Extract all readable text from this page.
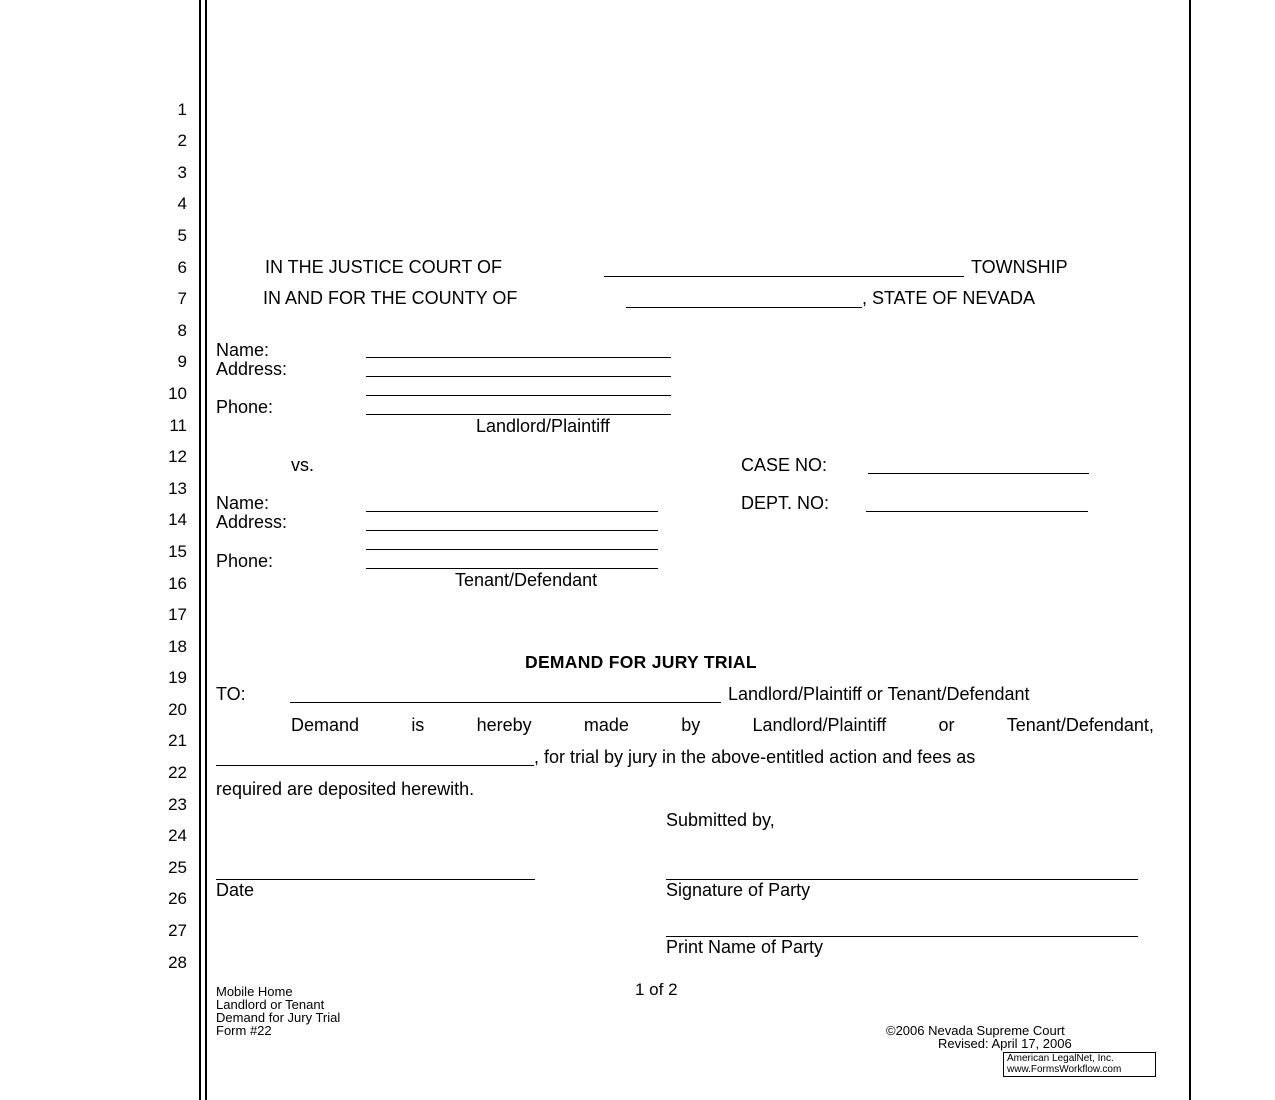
1
2
3
4
5
6
7
8
9
10
11
12
13
14
15
16
17
18
19
20
21
22
23
24
25
26
27
28
IN THE JUSTICE COURT OF	TOWNSHIP
IN AND FOR THE COUNTY OF	, STATE OF NEVADA
Name:
Address:
Phone:
Landlord/Plaintiff
vs.	CASE NO:
DEPT. NO:
Name:
Address:
Phone:
Tenant/Defendant
DEMAND FOR JURY TRIAL
TO:	Landlord/Plaintiff or Tenant/Defendant
Demand	is	hereby	made	by	Landlord/Plaintiff	or	Tenant/Defendant,
, for trial by jury in the above-entitled action and fees as
required are deposited herewith.
Submitted by,
Date	Signature of Party
Print Name of Party
1 of 2
Mobile Home
Landlord or Tenant
Demand for Jury Trial
Form #22	©2006 Nevada Supreme Court
Revised: April 17, 2006
American LegalNet, Inc.
www.FormsWorkflow.com
